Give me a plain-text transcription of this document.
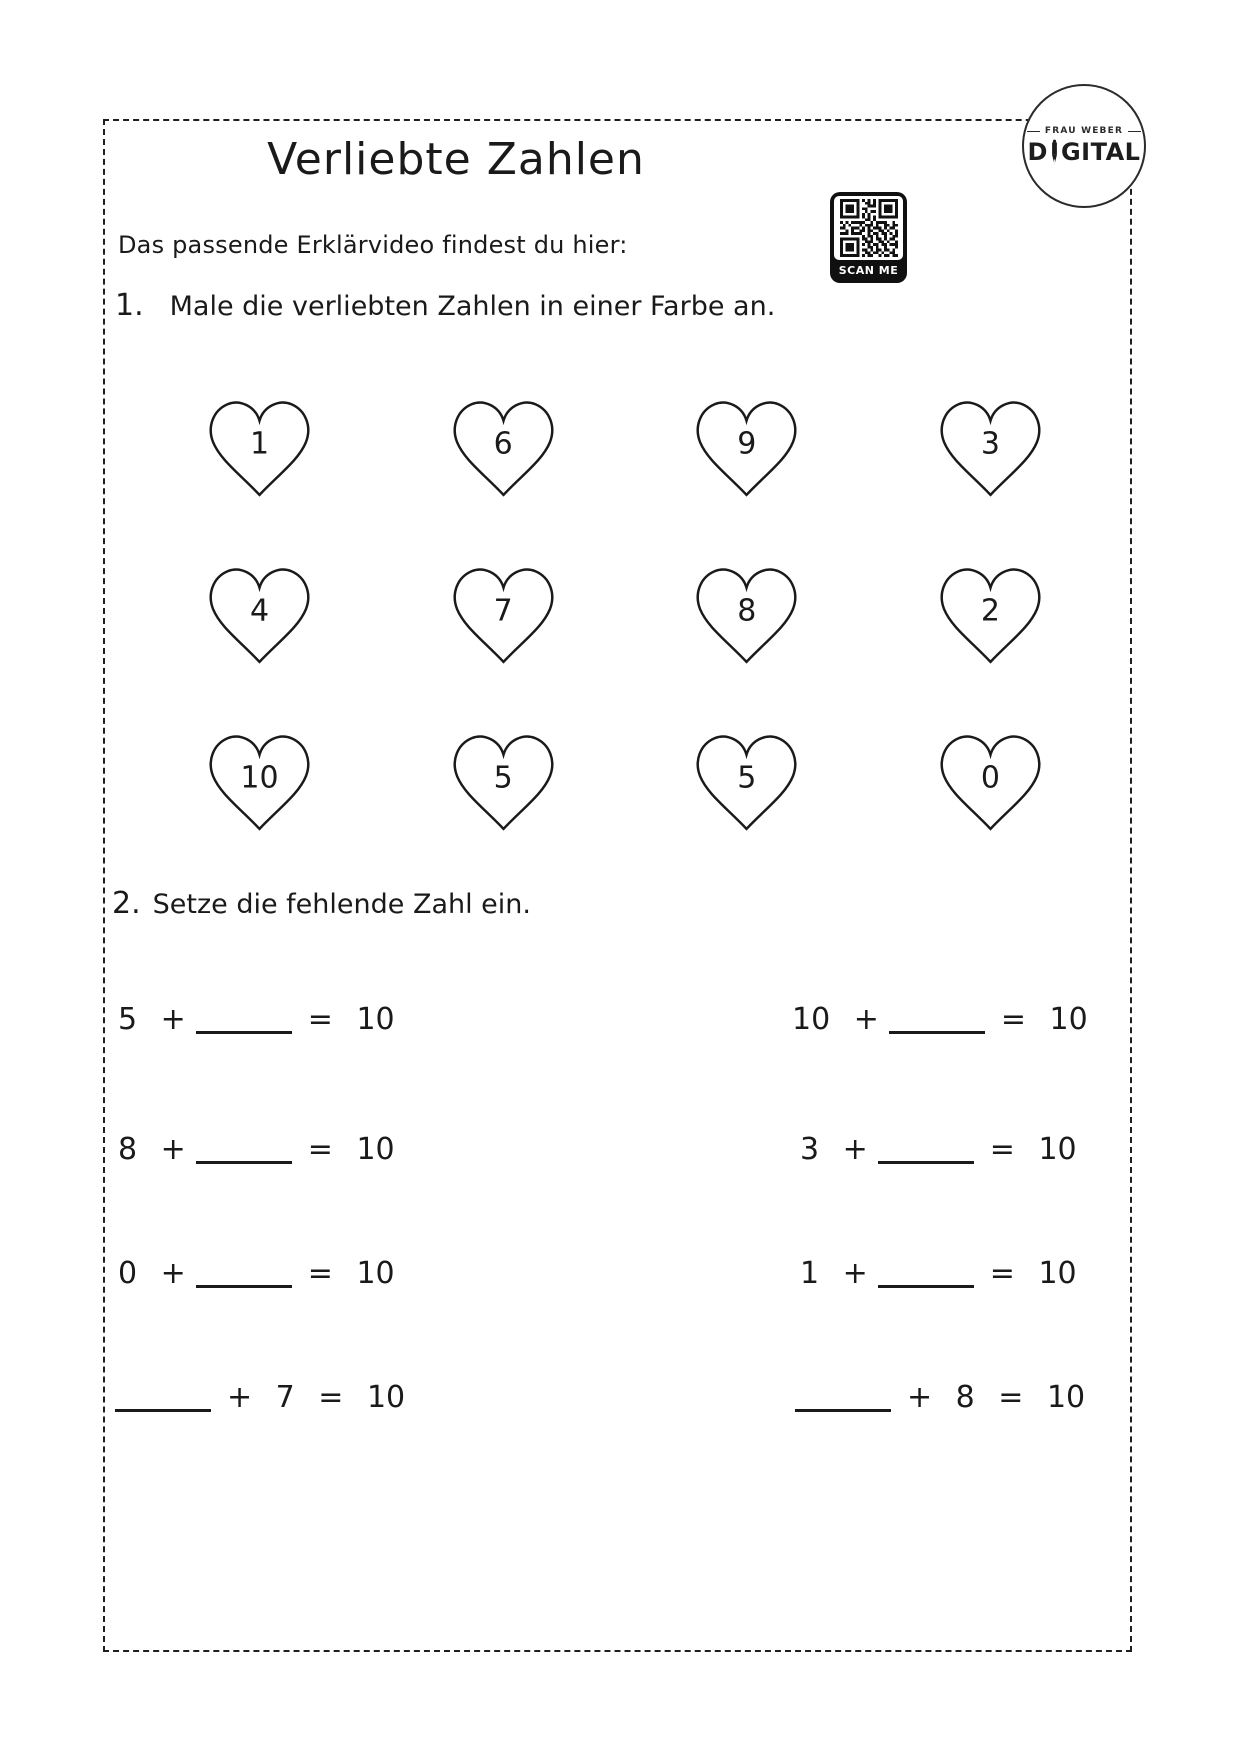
Verliebte Zahlen
Das passende Erklärvideo findest du hier:
SCAN ME
FRAU WEBER
D GITAL
1. Male die verliebten Zahlen in einer Farbe an.
1	6	9	3
4	7	8	2
10	5	5	0
2. Setze die fehlende Zahl ein.
5 +	= 10	10 +	= 10
8 +	= 10	3 +	= 10
0 +	= 10	1 +	= 10
+ 7 = 10	+ 8 = 10
